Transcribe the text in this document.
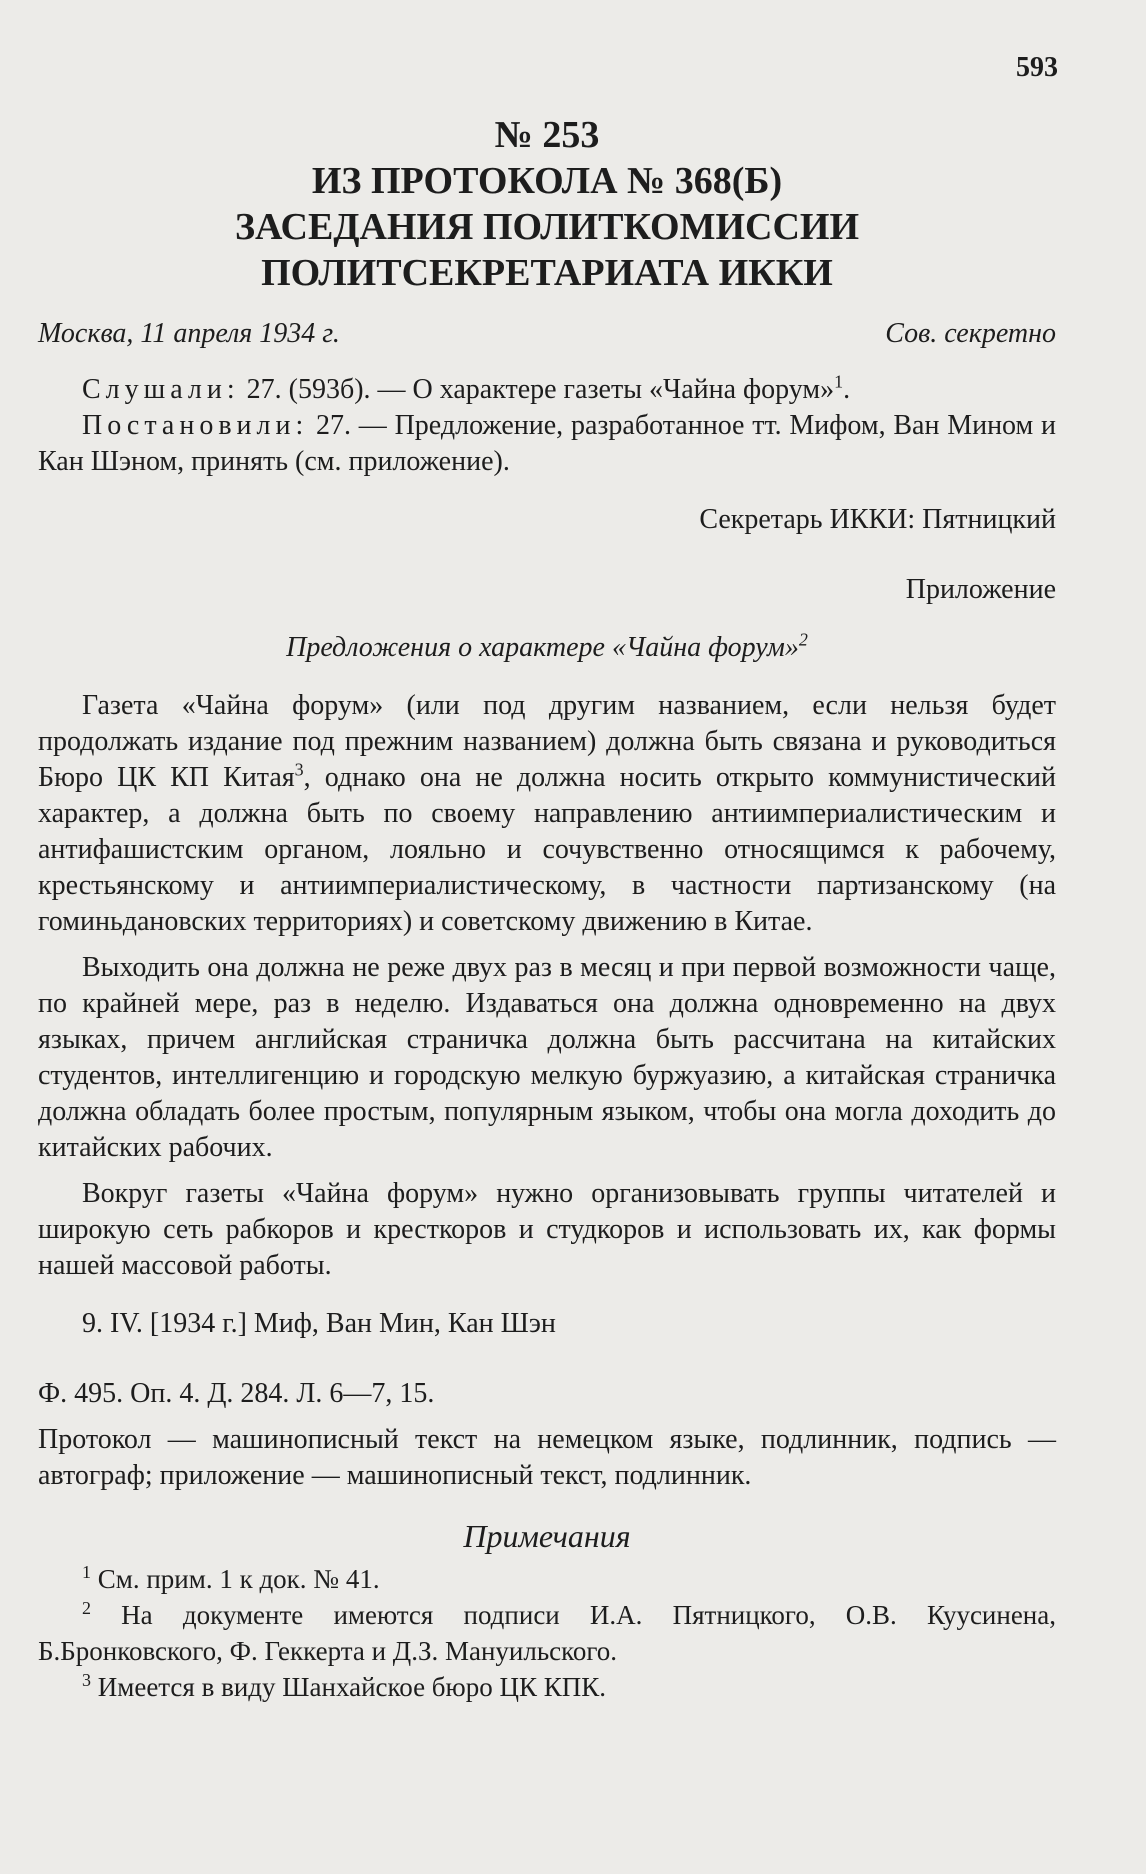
593
№ 253
ИЗ ПРОТОКОЛА № 368(Б)
ЗАСЕДАНИЯ ПОЛИТКОМИССИИ
ПОЛИТСЕКРЕТАРИАТА ИККИ
Москва, 11 апреля 1934 г.	Сов. секретно

Слушали: 27. (593б). — О характере газеты «Чайна форум»$^1$.

Постановили: 27. — Предложение, разработанное тт. Мифом, Ван Мином и Кан Шэном, принять (см. приложение).

Секретарь ИККИ: Пятницкий

Приложение

Предложения о характере «Чайна форум»$^2$

Газета «Чайна форум» (или под другим названием, если нельзя будет продолжать издание под прежним названием) должна быть связана и руководиться Бюро ЦК КП Китая$^3$, однако она не должна носить открыто коммунистический характер, а должна быть по своему направлению антиимпериалистическим и антифашистским органом, лояльно и сочувственно относящимся к рабочему, крестьянскому и антиимпериалистическому, в частности партизанскому (на гоминьдановских территориях) и советскому движению в Китае.

Выходить она должна не реже двух раз в месяц и при первой возможности чаще, по крайней мере, раз в неделю. Издаваться она должна одновременно на двух языках, причем английская страничка должна быть рассчитана на китайских студентов, интеллигенцию и городскую мелкую буржуазию, а китайская страничка должна обладать более простым, популярным языком, чтобы она могла доходить до китайских рабочих.

Вокруг газеты «Чайна форум» нужно организовывать группы читателей и широкую сеть рабкоров и кресткоров и студкоров и использовать их, как формы нашей массовой работы.

9. IV. [1934 г.] Миф, Ван Мин, Кан Шэн

Ф. 495. Оп. 4. Д. 284. Л. 6—7, 15.

Протокол — машинописный текст на немецком языке, подлинник, подпись — автограф; приложение — машинописный текст, подлинник.

Примечания

$^1$ См. прим. 1 к док. № 41.

$^2$ На документе имеются подписи И.А. Пятницкого, О.В. Куусинена, Б.Бронковского, Ф. Геккерта и Д.З. Мануильского.

$^3$ Имеется в виду Шанхайское бюро ЦК КПК.
